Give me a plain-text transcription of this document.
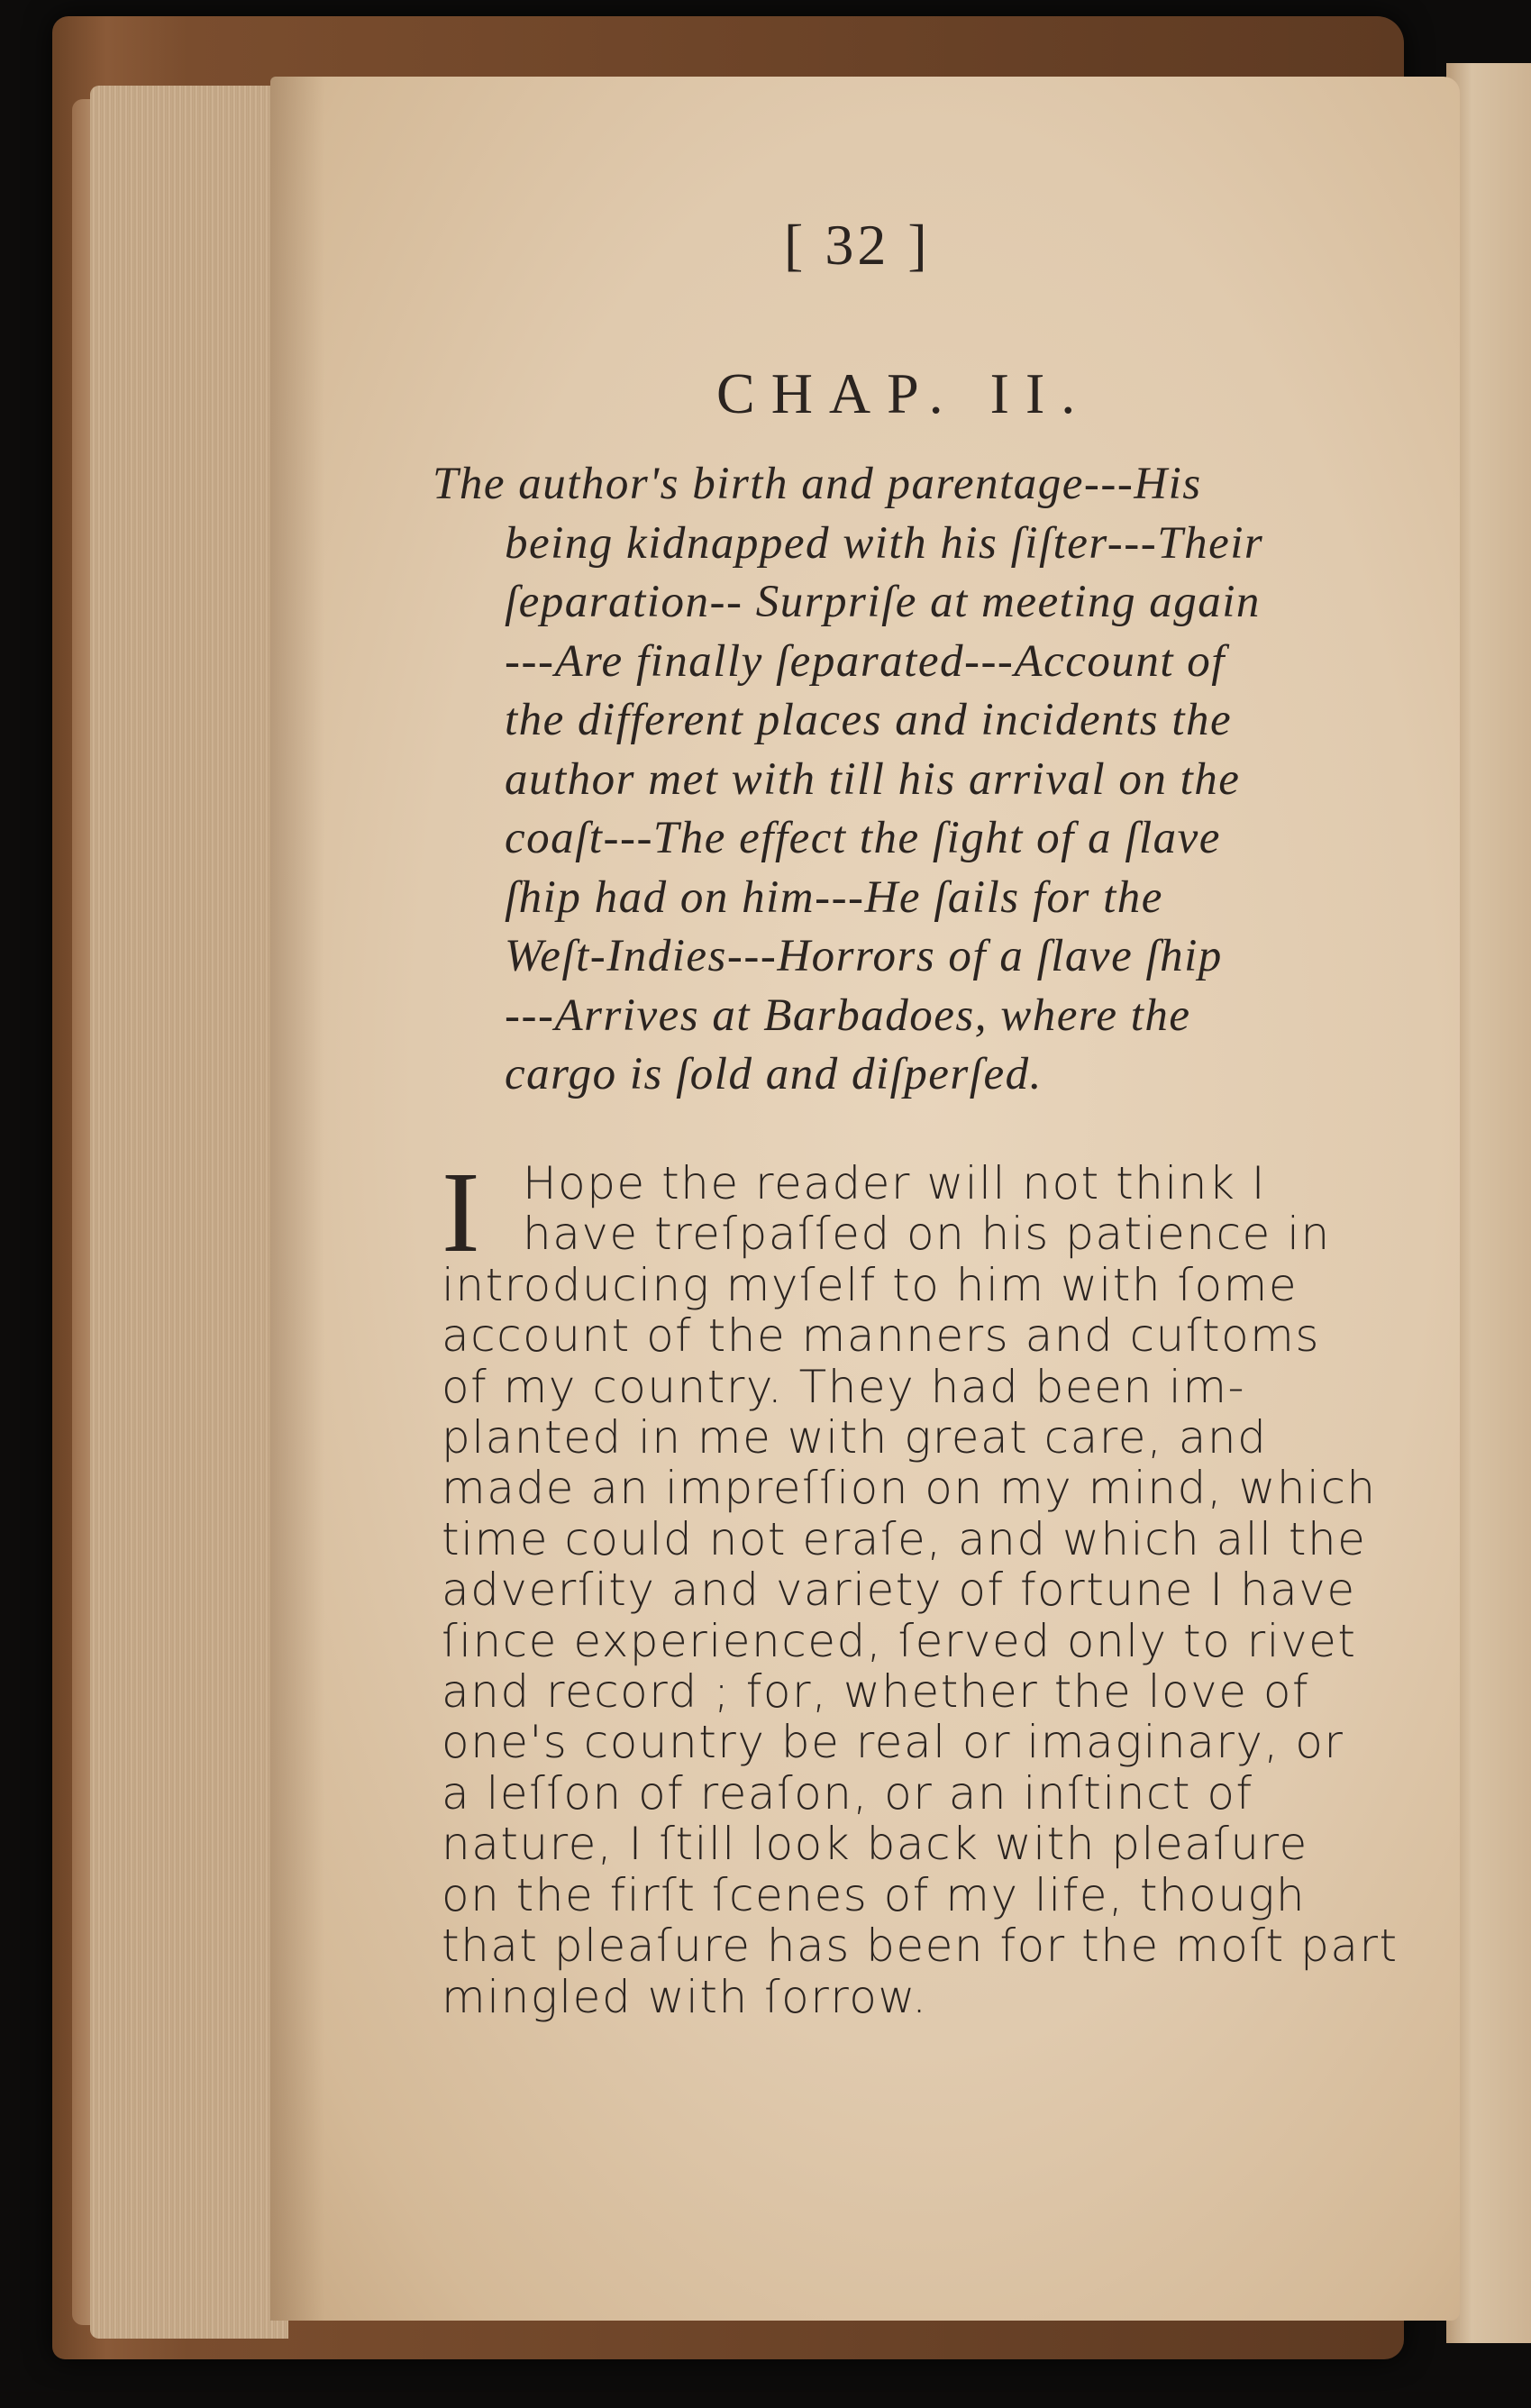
[ 32 ]
CHAP. II.
The author's birth and parentage---His
being kidnapped with his ſiſter---Their
ſeparation-- Surpriſe at meeting again
---Are finally ſeparated---Account of
the different places and incidents the
author met with till his arrival on the
coaſt---The effect the ſight of a ſlave
ſhip had on him---He ſails for the
Weſt-Indies---Horrors of a ſlave ſhip
---Arrives at Barbadoes, where the
cargo is ſold and diſperſed.
I Hope the reader will not think I
have treſpaſſed on his patience in
introducing myſelf to him with ſome
account of the manners and cuſtoms
of my country. They had been im-
planted in me with great care, and
made an impreſſion on my mind, which
time could not eraſe, and which all the
adverſity and variety of fortune I have
ſince experienced, ſerved only to rivet
and record ; for, whether the love of
one's country be real or imaginary, or
a leſſon of reaſon, or an inſtinct of
nature, I ſtill look back with pleaſure
on the firſt ſcenes of my life, though
that pleaſure has been for the moſt part
mingled with ſorrow.
